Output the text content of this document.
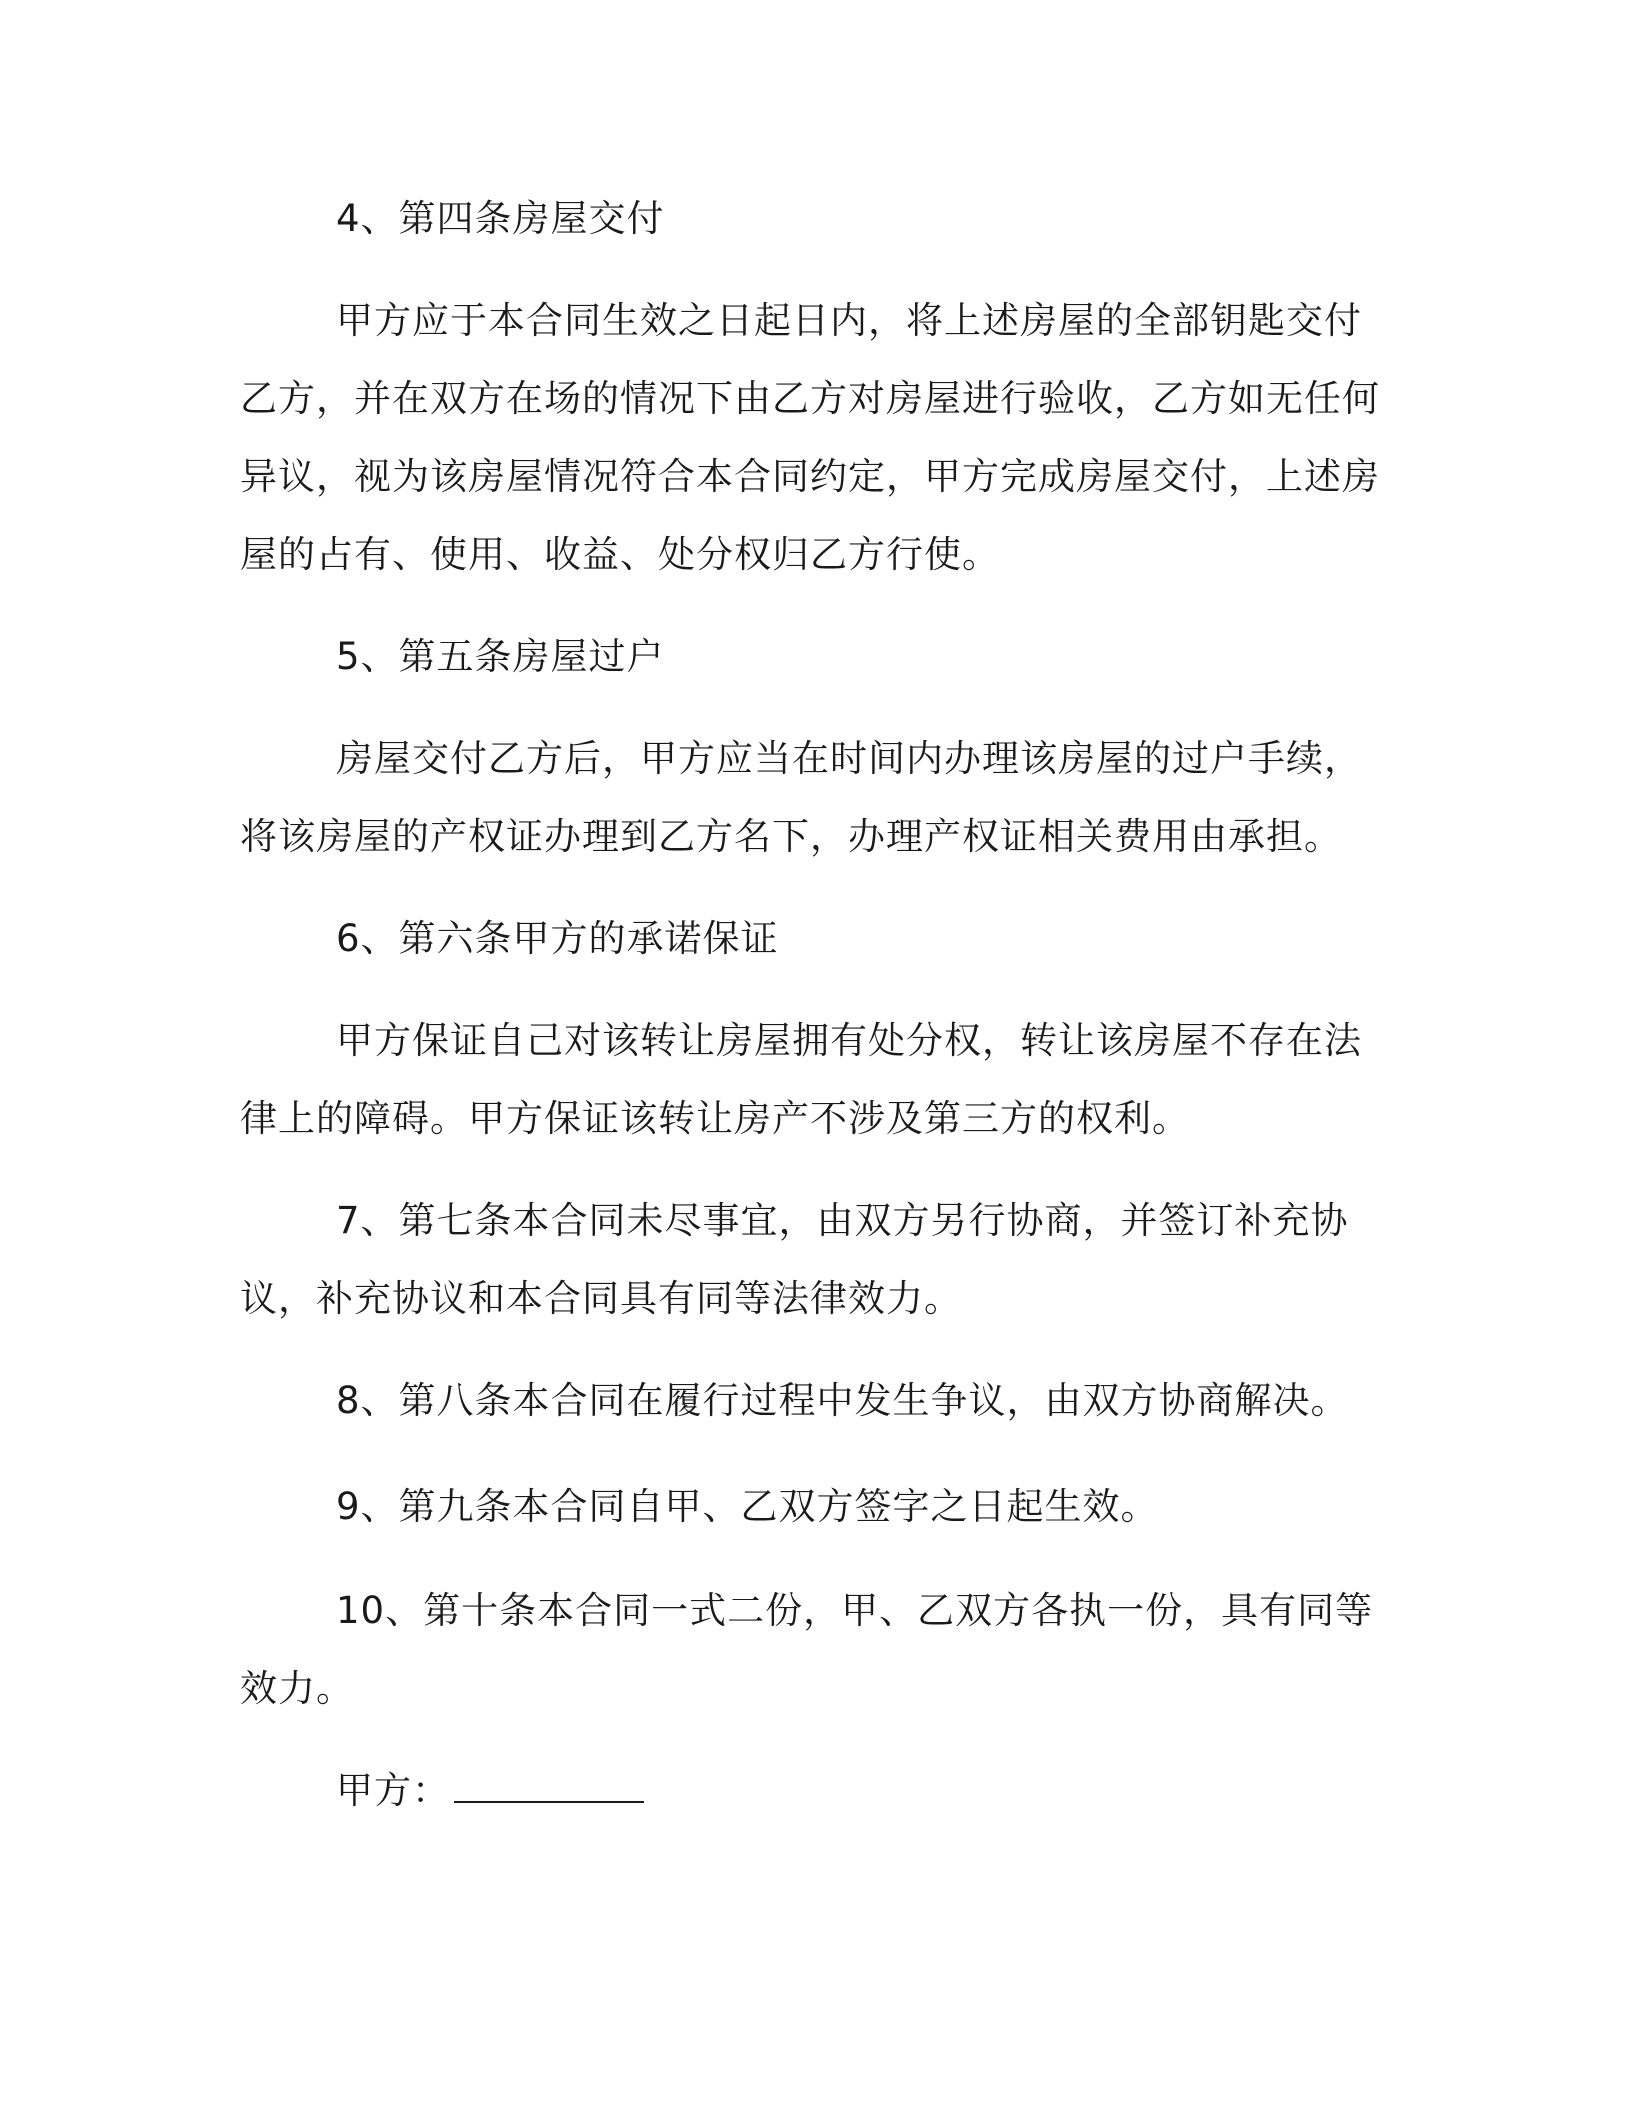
4、第四条房屋交付

甲方应于本合同生效之日起日内，将上述房屋的全部钥匙交付乙方，并在双方在场的情况下由乙方对房屋进行验收，乙方如无任何异议，视为该房屋情况符合本合同约定，甲方完成房屋交付，上述房屋的占有、使用、收益、处分权归乙方行使。

5、第五条房屋过户

房屋交付乙方后，甲方应当在时间内办理该房屋的过户手续，将该房屋的产权证办理到乙方名下，办理产权证相关费用由承担。

6、第六条甲方的承诺保证

甲方保证自己对该转让房屋拥有处分权，转让该房屋不存在法律上的障碍。甲方保证该转让房产不涉及第三方的权利。

7、第七条本合同未尽事宜，由双方另行协商，并签订补充协议，补充协议和本合同具有同等法律效力。

8、第八条本合同在履行过程中发生争议，由双方协商解决。

9、第九条本合同自甲、乙双方签字之日起生效。

10、第十条本合同一式二份，甲、乙双方各执一份，具有同等效力。

甲方：
